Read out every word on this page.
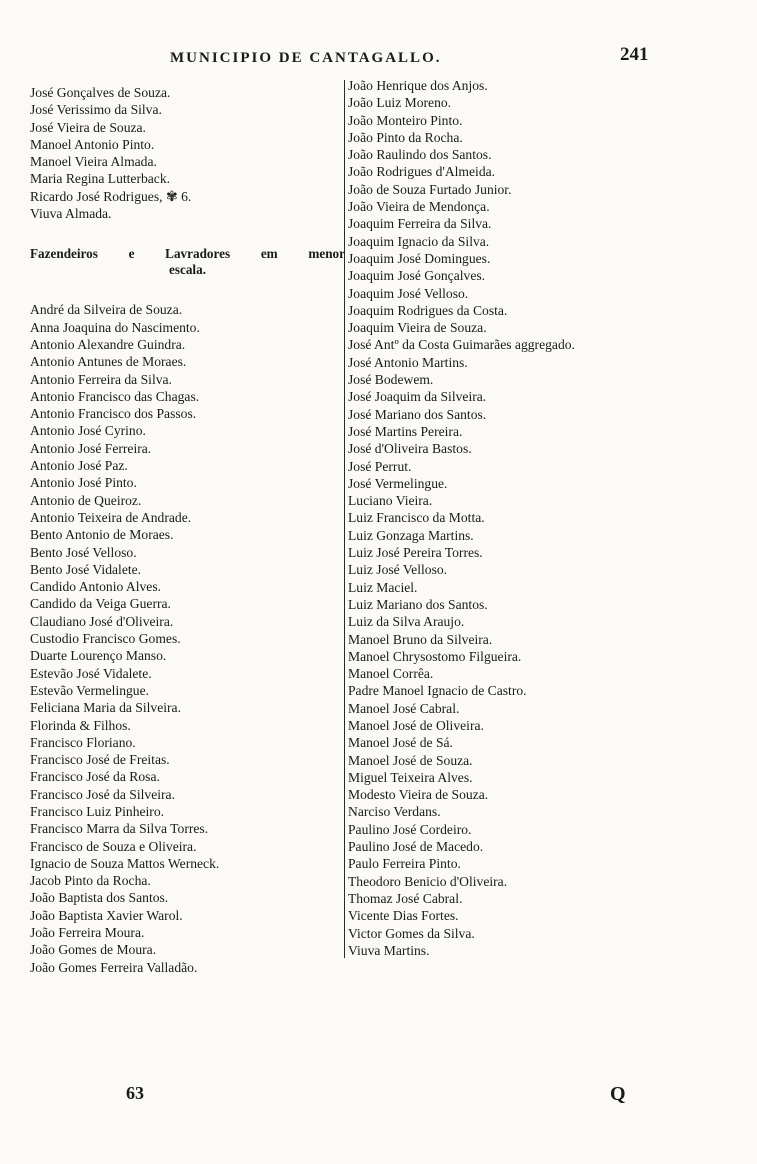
MUNICIPIO DE CANTAGALLO.	241
José Gonçalves de Souza.
José Verissimo da Silva.
José Vieira de Souza.
Manoel Antonio Pinto.
Manoel Vieira Almada.
Maria Regina Lutterback.
Ricardo José Rodrigues, ✾ 6.
Viuva Almada.
Fazendeiros e Lavradores em menor
escala.
André da Silveira de Souza.
Anna Joaquina do Nascimento.
Antonio Alexandre Guindra.
Antonio Antunes de Moraes.
Antonio Ferreira da Silva.
Antonio Francisco das Chagas.
Antonio Francisco dos Passos.
Antonio José Cyrino.
Antonio José Ferreira.
Antonio José Paz.
Antonio José Pinto.
Antonio de Queiroz.
Antonio Teixeira de Andrade.
Bento Antonio de Moraes.
Bento José Velloso.
Bento José Vidalete.
Candido Antonio Alves.
Candido da Veiga Guerra.
Claudiano José d'Oliveira.
Custodio Francisco Gomes.
Duarte Lourenço Manso.
Estevão José Vidalete.
Estevão Vermelingue.
Feliciana Maria da Silveira.
Florinda & Filhos.
Francisco Floriano.
Francisco José de Freitas.
Francisco José da Rosa.
Francisco José da Silveira.
Francisco Luiz Pinheiro.
Francisco Marra da Silva Torres.
Francisco de Souza e Oliveira.
Ignacio de Souza Mattos Werneck.
Jacob Pinto da Rocha.
João Baptista dos Santos.
João Baptista Xavier Warol.
João Ferreira Moura.
João Gomes de Moura.
João Gomes Ferreira Valladão.
João Henrique dos Anjos.
João Luiz Moreno.
João Monteiro Pinto.
João Pinto da Rocha.
João Raulindo dos Santos.
João Rodrigues d'Almeida.
João de Souza Furtado Junior.
João Vieira de Mendonça.
Joaquim Ferreira da Silva.
Joaquim Ignacio da Silva.
Joaquim José Domingues.
Joaquim José Gonçalves.
Joaquim José Velloso.
Joaquim Rodrigues da Costa.
Joaquim Vieira de Souza.
José Antº da Costa Guimarães aggregado.
José Antonio Martins.
José Bodewem.
José Joaquim da Silveira.
José Mariano dos Santos.
José Martins Pereira.
José d'Oliveira Bastos.
José Perrut.
José Vermelingue.
Luciano Vieira.
Luiz Francisco da Motta.
Luiz Gonzaga Martins.
Luiz José Pereira Torres.
Luiz José Velloso.
Luiz Maciel.
Luiz Mariano dos Santos.
Luiz da Silva Araujo.
Manoel Bruno da Silveira.
Manoel Chrysostomo Filgueira.
Manoel Corrêa.
Padre Manoel Ignacio de Castro.
Manoel José Cabral.
Manoel José de Oliveira.
Manoel José de Sá.
Manoel José de Souza.
Miguel Teixeira Alves.
Modesto Vieira de Souza.
Narciso Verdans.
Paulino José Cordeiro.
Paulino José de Macedo.
Paulo Ferreira Pinto.
Theodoro Benicio d'Oliveira.
Thomaz José Cabral.
Vicente Dias Fortes.
Victor Gomes da Silva.
Viuva Martins.
63	Q
